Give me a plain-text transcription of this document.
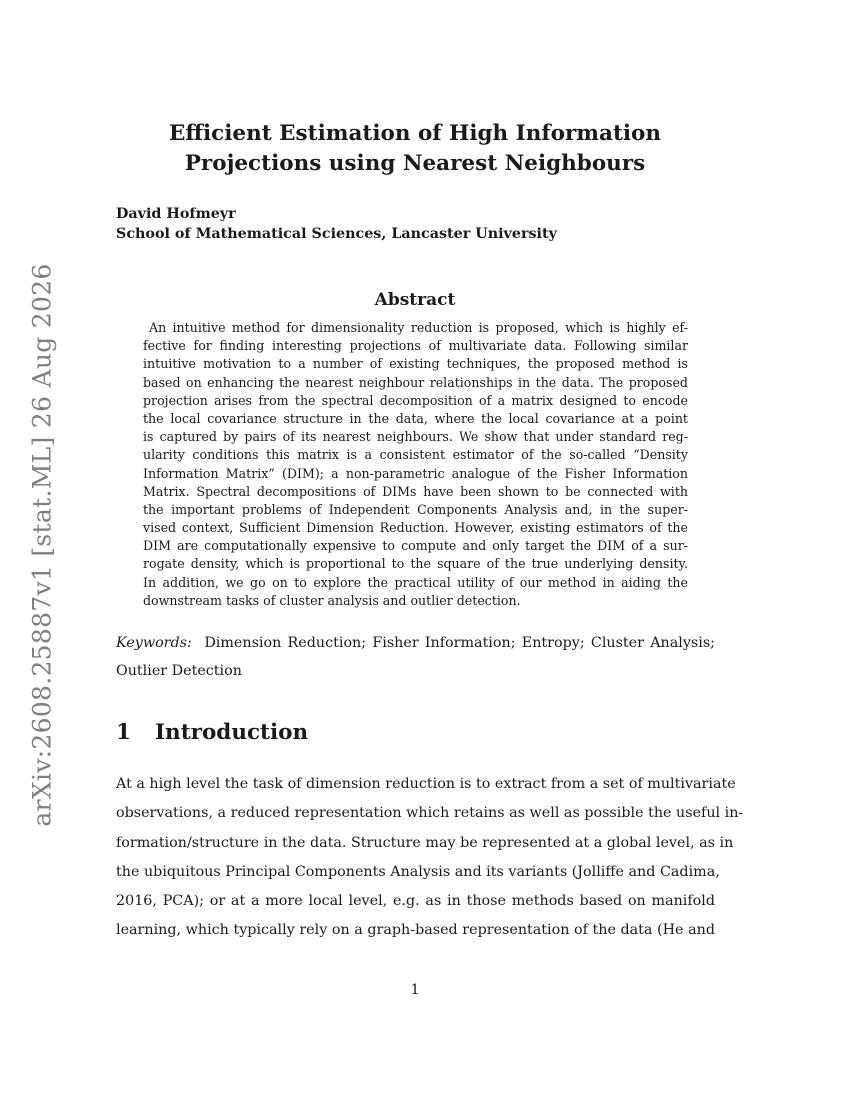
arXiv:2608.25887v1 [stat.ML] 26 Aug 2026
Efficient Estimation of High Information
Projections using Nearest Neighbours
David Hofmeyr
School of Mathematical Sciences, Lancaster University
Abstract
An intuitive method for dimensionality reduction is proposed, which is highly ef-
fective for finding interesting projections of multivariate data. Following similar
intuitive motivation to a number of existing techniques, the proposed method is
based on enhancing the nearest neighbour relationships in the data. The proposed
projection arises from the spectral decomposition of a matrix designed to encode
the local covariance structure in the data, where the local covariance at a point
is captured by pairs of its nearest neighbours. We show that under standard reg-
ularity conditions this matrix is a consistent estimator of the so-called “Density
Information Matrix” (DIM); a non-parametric analogue of the Fisher Information
Matrix. Spectral decompositions of DIMs have been shown to be connected with
the important problems of Independent Components Analysis and, in the super-
vised context, Sufficient Dimension Reduction. However, existing estimators of the
DIM are computationally expensive to compute and only target the DIM of a sur-
rogate density, which is proportional to the square of the true underlying density.
In addition, we go on to explore the practical utility of our method in aiding the
downstream tasks of cluster analysis and outlier detection.
Keywords: Dimension Reduction; Fisher Information; Entropy; Cluster Analysis;
Outlier Detection
1 Introduction
At a high level the task of dimension reduction is to extract from a set of multivariate
observations, a reduced representation which retains as well as possible the useful in-
formation/structure in the data. Structure may be represented at a global level, as in
the ubiquitous Principal Components Analysis and its variants (Jolliffe and Cadima,
2016, PCA); or at a more local level, e.g. as in those methods based on manifold
learning, which typically rely on a graph-based representation of the data (He and
1
